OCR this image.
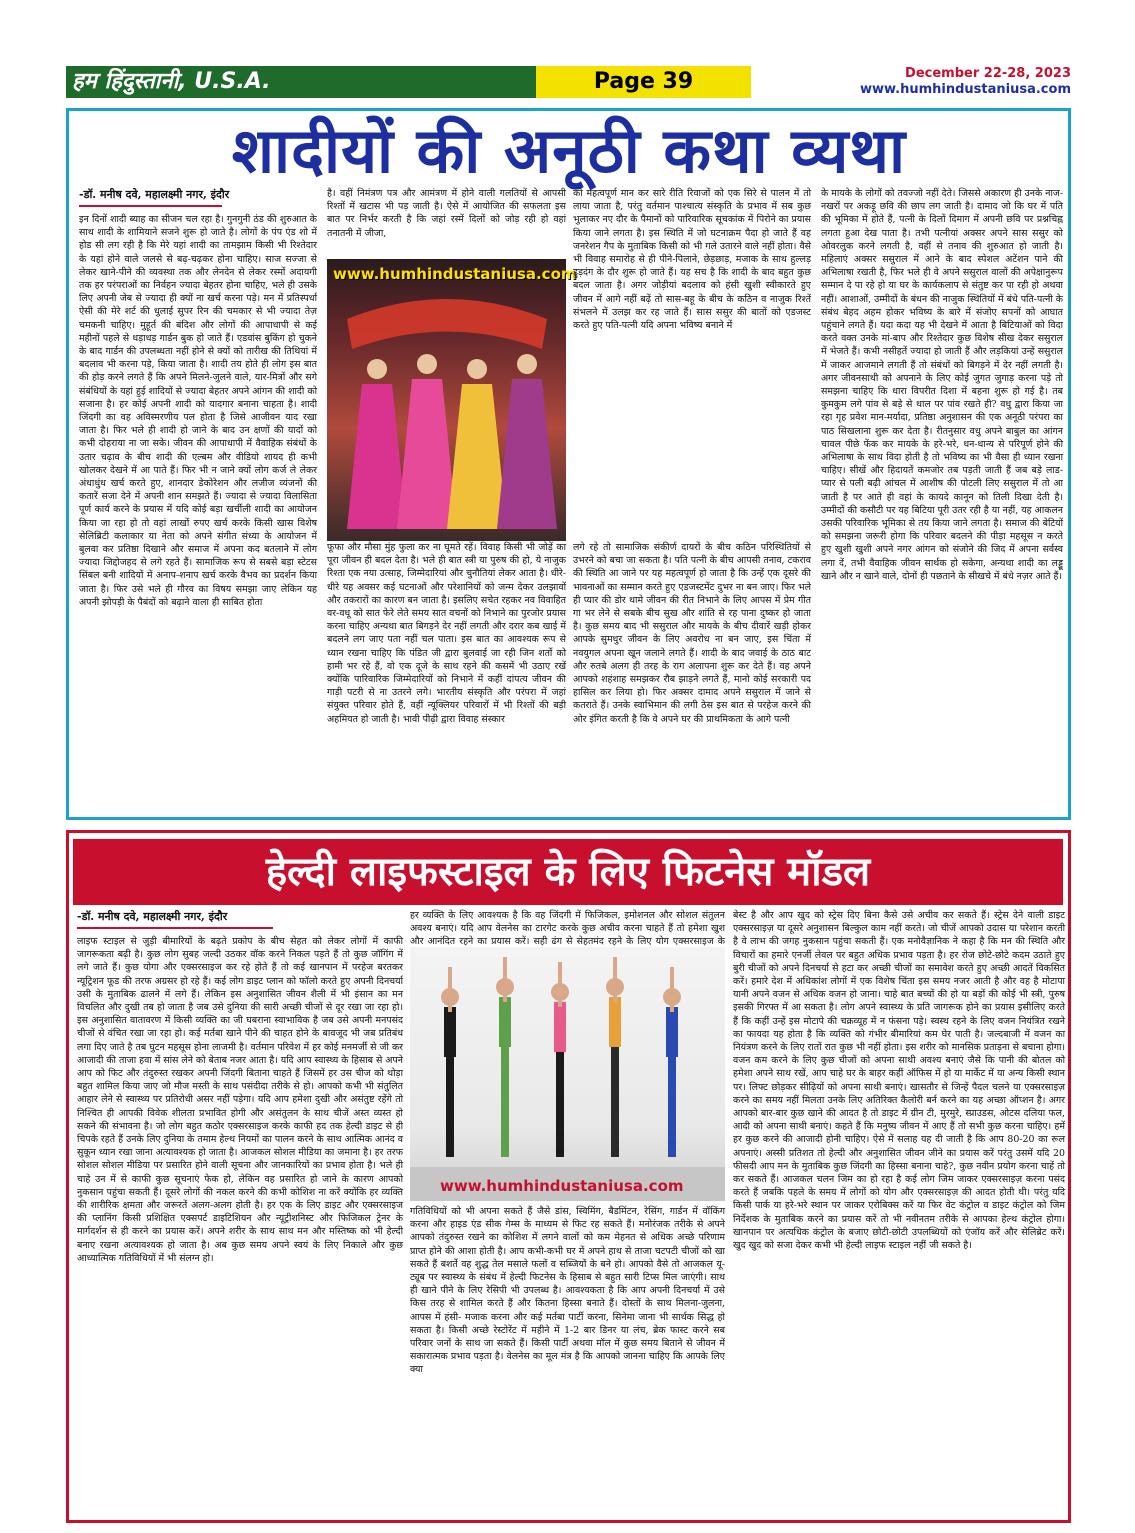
हम हिंदुस्तानी, U.S.A.	Page 39	December 22-28, 2023
www.humhindustaniusa.com
शादीयों की अनूठी कथा व्यथा
-डॉ. मनीष दवे, महालक्ष्मी नगर, इंदौर
इन दिनों शादी ब्याह का सीजन चल रहा है। गुनगुनी ठंड की शुरुआत के साथ शादी के शामियाने सजने शुरू हो जाते है। लोगों के पंप एंड शो में होड सी लग रही है कि मेरे यहां शादी का तामझाम किसी भी रिश्तेदार के यहां होने वाले जलसे से बढ़-चढ़कर होना चाहिए। साज सज्जा से लेकर खाने-पीने की व्यवस्था तक और लेनदेन से लेकर रस्मों अदायगी तक हर परंपराओं का निर्वहन ज्यादा बेहतर होना चाहिए, भले ही उसके लिए अपनी जेब से ज्यादा ही क्यों ना खर्च करना पड़े। मन में प्रतिस्पर्धा ऐसी की मेरे शर्ट की धुलाई सुपर रिन की चमकार से भी ज्यादा तेज़ चमकनी चाहिए। मुहूर्त की बंदिश और लोगों की आपाधापी से कई महीनों पहले से धड़ाधड़ गार्डन बुक हो जाते हैं। एडवांस बुकिंग हो चुकने के बाद गार्डन की उपलब्धता नहीं होने से क्यों को तारीख की तिथियां में बदलाव भी करना पड़े, किया जाता है। शादी तय होते ही लोग इस बात की होड़ करने लगते हैं कि अपने मिलने-जुलने वाले, यार-मित्रों और सगे संबंधियों के यहां हुई शादियों से ज्यादा बेहतर अपने आंगन की शादी को सजाना है। हर कोई अपनी शादी को यादगार बनाना चाहता है। शादी जिंदगी का वह अविस्मरणीय पल होता है जिसे आजीवन याद रखा जाता है। फिर भले ही शादी हो जाने के बाद उन क्षणों की यादों को कभी दोहराया ना जा सके। जीवन की आपाधापी में वैवाहिक संबंधों के उतार चढ़ाव के बीच शादी की एल्बम और वीडियो शायद ही कभी खोलकर देखने में आ पाते हैं। फिर भी न जाने क्यों लोग कर्ज ले लेकर अंधाधुंध खर्च करते हुए, शानदार डेकोरेशन और लजीज व्यंजनों की कतारें सजा देने में अपनी शान समझते हैं। ज्यादा से ज्यादा विलासिता पूर्ण कार्य करने के प्रयास में यदि कोई बड़ा खर्चीली शादी का आयोजन किया जा रहा हो तो वहां लाखों रुपए खर्च करके किसी खास विशेष सेलिब्रिटी कलाकार या नेता को अपने संगीत संध्या के आयोजन में बुलवा कर प्रतिष्ठा दिखाने और समाज में अपना कद बतलाने में लोग ज्यादा जिद्दोजहद से लगे रहते हैं। सामाजिक रूप से सबसे बड़ा स्टेटस सिंबल बनी शादियों में अनाप-शनाप खर्च करके वैभव का प्रदर्शन किया जाता है। फिर उसे भले ही गौरव का विषय समझा जाए लेकिन यह अपनी झोपड़ी के पैबंदों को बढ़ाने वाला ही साबित होता
है। वहीं निमंत्रण पत्र और आमंत्रण में होने वाली गलतियों से आपसी रिश्तों में खटास भी पड़ जाती है। ऐसे में आयोजित की सफलता इस बात पर निर्भर करती है कि जहां रस्में दिलों को जोड़ रही हो वहां तनातनी में जीजा,
www.humhindustaniusa.com
फूफा और मौसा मुंह फुला कर ना घूमते रहें। विवाह किसी भी जोड़ें का पूरा जीवन ही बदल देता है। भले ही बात स्त्री या पुरुष की हो, ये नाजुक रिश्ता एक नया उत्साह, जिम्मेदारियां और चुनौतियां लेकर आता है। धीरे-धीरे यह अवसर कई घटनाओं और परेशानियों को जन्म देकर उलझावों और तकरारों का कारण बन जाता है। इसलिए सचेत रहकर नव विवाहित वर-वधू को सात फेरे लेते समय सात वचनों को निभाने का पुरजोर प्रयास करना चाहिए अन्यथा बात बिगड़ने देर नहीं लगती और दरार कब खाई में बदलने लग जाए पता नहीं चल पाता। इस बात का आवश्यक रूप से ध्यान रखना चाहिए कि पंडित जी द्वारा बुलवाई जा रही जिन शर्तो को हामी भर रहे हैं, वो एक दूजे के साथ रहने की कसमें भी उठाए रखें क्योंकि पारिवारिक जिम्मेदारियों को निभाने में कहीं दांपत्य जीवन की गाड़ी पटरी से ना उतरने लगे। भारतीय संस्कृति और परंपरा में जहां संयुक्त परिवार होते हैं, वहीं न्यूक्लियर परिवारों में भी रिश्तों की बड़ी अहमियत हो जाती है। भावी पीढ़ी द्वारा विवाह संस्कार
को महत्वपूर्ण मान कर सारे रीति रिवाजों को एक सिरे से पालन में तो लाया जाता है, परंतु वर्तमान पाश्चात्य संस्कृति के प्रभाव में सब कुछ भुलाकर नए दौर के पैमानों को पारिवारिक सूचकांक में पिरोने का प्रयास किया जाने लगता है। इस स्थिति में जो घटनाक्रम पैदा हो जाते हैं वह जनरेशन गैप के मुताबिक किसी को भी गले उतारने वाले नहीं होता। वैसे भी विवाह समारोह से ही पीने-पिलाने, छेड़छाड़, मजाक के साथ हुल्लड़ हुड़दंग के दौर शुरू हो जाते हैं। यह सच है कि शादी के बाद बहुत कुछ बदल जाता है। अगर जोड़ीयां बदलाव को हंसी खुशी स्वीकारते हुए जीवन में आगे नहीं बढ़ें तो सास-बहू के बीच के कठिन व नाजुक रिश्तें संभलने में उलझ कर रह जाते हैं। सास ससुर की बातों को एडजस्ट करते हुए पति-पत्नी यदि अपना भविष्य बनाने में
लगे रहे तो सामाजिक संकीर्ण दायरों के बीच कठिन परिस्थितियों से उभरने को बचा जा सकता है। पति पत्नी के बीच आपसी तनाव, टकराव की स्थिति आ जाने पर यह महत्वपूर्ण हो जाता है कि उन्हें एक दूसरे की भावनाओं का सम्मान करते हुए एडजस्टमेंट दुभर ना बन जाए। फिर भले ही प्यार की डोर थामे जीवन की रीत निभाने के लिए आपस में प्रेम गीत गा भर लेने से सबके बीच सुख और शांति से रह पाना दुष्कर हो जाता है। कुछ समय बाद भी ससुराल और मायके के बीच दीवारें खड़ी होकर आपके सुमधुर जीवन के लिए अवरोध ना बन जाए, इस चिंता में नवयुगल अपना खून जलाने लगते हैं। शादी के बाद जवाई के ठाठ बाट और रुतबे अलग ही तरह के राग अलापना शुरू कर देते हैं। वह अपने आपको शहंशाह समझकर रौब झाड़ने लगते हैं, मानो कोई सरकारी पद हासिल कर लिया हो। फिर अक्सर दामाद अपने ससुराल में जाने से कतराते हैं। उनके स्वाभिमान की लगी ठेस इस बात से परहेज करने की ओर इंगित करती है कि वे अपने घर की प्राथमिकता के आगे पत्नी
के मायके के लोगों को तवज्जो नहीं देते। जिससे अकारण ही उनके नाज-नखरों पर अकड़ू छवि की छाप लग जाती है। दामाद जो कि घर में पति की भूमिका में होते हैं, पत्नी के दिलों दिमाग में अपनी छवि पर प्रश्नचिह्न लगता हुआ देख पाता है। तभी पत्नीयां अक्सर अपने सास ससुर को ओवरलुक करने लगती है, वहीं से तनाव की शुरुआत हो जाती है। महिलाएं अक्सर ससुराल में आने के बाद स्पेशल अटेंशन पाने की अभिलाषा रखती है, फिर भले ही वे अपने ससुराल वालों की अपेक्षानुरूप सम्मान दे पा रहे हो या घर के कार्यकलाप से संतुष्ट कर पा रही हो अथवा नहीं। आशाओं, उम्मीदों के बंधन की नाजुक स्थितियों में बंधे पति-पत्नी के संबंध बेहद अहम होकर भविष्य के बारे में संजोए सपनों को आघात पहुंचाने लगते हैं। यदा कदा यह भी देखने में आता है बिटियाओं को विदा करते वक्त उनके मां-बाप और रिश्तेदार कुछ विशेष सीख देकर ससुराल में भेजते हैं। कभी नसीहतें ज्यादा हो जाती हैं और लड़कियां उन्हें ससुराल में जाकर आजमाने लगती हैं तो संबंधों को बिगड़ने में देर नहीं लगती है। अगर जीवनसाथी को अपनाने के लिए कोई जुगत जुगाड़ करना पड़े तो समझना चाहिए कि धारा विपरीत दिशा में बहना शुरू हो गई है। तब कुमकुम लगे पांव से बड़े से थाल पर पांव रखते ही? वधु द्वारा किया जा रहा गृह प्रवेश मान-मर्यादा, प्रतिष्ठा अनुशासन की एक अनूठी परंपरा का पाठ सिखलाना शुरू कर देता है। रीतनुसार वधु अपने बाबुल का आंगन चावल पीछे फेंक कर मायके के हरे-भरे, धन-धान्य से परिपूर्ण होने की अभिलाषा के साथ विदा होती है तो भविष्य का भी वैसा ही ध्यान रखना चाहिए। सीखें और हिदायतें कमजोर तब पड़ती जाती हैं जब बड़े लाड-प्यार से पली बढ़ी आंचल में आशीष की पोटली लिए ससुराल में तो आ जाती है पर आते ही वहां के कायदे कानून को तिली दिखा देती है। उम्मीदों की कसौटी पर यह बिटिया पूरी उतर रही है या नहीं, यह आकलन उसकी परिवारिक भूमिका से तय किया जाने लगता है। समाज की बेटियों को समझना जरूरी होगा कि परिवार बदलने की पीड़ा महसूस न करते हुए खुशी खुशी अपने नगर आंगन को संजोने की जिद में अपना सर्वस्व लगा दें, तभी वैवाहिक जीवन सार्थक हो सकेगा, अन्यथा शादी का लड्डू खाने और न खाने वाले, दोनों ही पछताने के सीखचे में बंधे नज़र आते हैं।
हेल्दी लाइफस्टाइल के लिए फिटनेस मॉडल
-डॉ. मनीष दवे, महालक्ष्मी नगर, इंदौर
लाइफ स्टाइल से जुड़ी बीमारियों के बढ़ते प्रकोप के बीच सेहत को लेकर लोगों में काफी जागरूकता बढ़ी है। कुछ लोग सुबह जल्दी उठकर वॉक करने निकल पड़ते हैं तो कुछ जॉगिंग में लगे जाते हैं। कुछ योगा और एक्सरसाइज कर रहे होते हैं तो कई खानपान में परहेज बरतकर न्यूट्रिशन फूड की तरफ अग्रसर हो रहे हैं। कई लोग डाइट प्लान को फॉलो करते हुए अपनी दिनचर्या उसी के मुताबिक ढालने में लगे हैं। लेकिन इस अनुशासित जीवन शैली में भी इंसान का मन विचलित और दुखी तब हो जाता है जब उसे दुनिया की सारी अच्छी चीजों से दूर रखा जा रहा हो। इस अनुशासित वातावरण में किसी व्यक्ति का जी घबराना स्वाभाविक है जब उसे अपनी मनपसंद चीजों से वंचित रखा जा रहा हो। कई मर्तबा खाने पीने की चाहत होने के बावजूद भी जब प्रतिबंध लगा दिए जाते है तब घुटन महसूस होना लाजमी है। वर्तमान परिवेश में हर कोई मनमर्जी से जी कर आजादी की ताजा हवा में सांस लेने को बेताब नजर आता है। यदि आप स्वास्थ्य के हिसाब से अपने आप को फिट और तंदुरुस्त रखकर अपनी जिंदगी बिताना चाहते हैं जिसमें हर उस चीज को थोड़ा बहुत शामिल किया जाए जो मौज मस्ती के साथ पसंदीदा तरीके से हो। आपको कभी भी संतुलित आहार लेने से स्वास्थ्य पर प्रतिरोधी असर नहीं पड़ेगा। यदि आप हमेशा दुखी और असंतुष्ट रहेंगे तो निश्चित ही आपकी विवेक शीलता प्रभावित होगी और असंतुलन के साथ चीजें अस्त व्यस्त हो सकने की संभावना है। जो लोग बहुत कठोर एक्सरसाइज करके काफी हद तक हेल्दी डाइट से ही चिपके रहते हैं उनके लिए दुनिया के तमाम हेल्थ नियमों का पालन करने के साथ आत्मिक आनंद व सुकून ध्यान रखा जाना अत्यावश्यक हो जाता है। आजकल सोशल मीडिया का जमाना है। हर तरफ सोशल सोशल मीडिया पर प्रसारित होने वाली सूचना और जानकारियों का प्रभाव होता है। भले ही चाहे उन में से काफी कुछ सूचनाएं फेक हो, लेकिन वह प्रसारित हो जाने के कारण आपको नुकसान पहुंचा सकती हैं। दूसरे लोगों की नकल करने की कभी कोशिश ना करें क्योंकि हर व्यक्ति की शारीरिक क्षमता और जरूरतें अलग-अलग होती है। हर एक के लिए डाइट और एक्सरसाइज की प्लानिंग किसी प्रशिक्षित एक्सपर्ट डाइटिशियन और न्यूट्रीशनिस्ट और फिजिकल ट्रेनर के मार्गदर्शन से ही करने का प्रयास करें। अपने शरीर के साथ साथ मन और मस्तिष्क को भी हेल्दी बनाए रखना अत्यावश्यक हो जाता है। अब कुछ समय अपने स्वयं के लिए निकाले और कुछ आध्यात्मिक गतिविधियों में भी संलग्न हो।
हर व्यक्ति के लिए आवश्यक है कि वह जिंदगी में फिजिकल, इमोशनल और सोशल संतुलन अवश्य बनाएं। यदि आप वेलनेस का टारगेट करके कुछ अचीव करना चाहते हैं तो हमेशा खुश और आनंदित रहने का प्रयास करें। सही ढंग से सेहतमंद रहने के लिए योग एक्सरसाइज के
www.humhindustaniusa.com
गतिविधियों को भी अपना सकते हैं जैसे डांस, स्विमिंग, बैडमिंटन, रेसिंग, गार्डन में वॉकिंग करना और हाइड एंड सीक गेम्स के माध्यम से फिट रह सकते हैं। मनोरंजक तरीके से अपने आपको तंदुरुस्त रखने का कोशिश में लगने वालों को कम मेहनत से अधिक अच्छे परिणाम प्राप्त होने की आशा होती है। आप कभी-कभी घर में अपने हाथ से ताजा चटपटी चीजों को खा सकते हैं बशर्ते वह शुद्ध तेल मसाले फलों व सब्जियों के बने हो। आपको वैसे तो आजकल यू-ट्यूब पर स्वास्थ्य के संबंध में हेल्दी फिटनेस के हिसाब से बहुत सारी टिप्स मिल जाएंगी। साथ ही खाने पीने के लिए रेसिपी भी उपलब्ध है। आवश्यकता है कि आप अपनी दिनचर्या में उसे किस तरह से शामिल करते हैं और कितना हिस्सा बनाते हैं। दोस्तों के साथ मिलना-जुलना, आपस में हंसी- मजाक करना और कई मर्तबा पार्टी करना, सिनेमा जाना भी सार्थक सिद्ध हो सकता है। किसी अच्छे रेस्टोरेंट में महीने में 1-2 बार डिनर या लंच, ब्रेक फास्ट करने सब परिवार जनों के साथ जा सकते हैं। किसी पार्टी अथवा मॉल में कुछ समय बिताने से जीवन में सकारात्मक प्रभाव पड़ता है। वेलनेस का मूल मंत्र है कि आपको जानना चाहिए कि आपके लिए क्या
बेस्ट है और आप खुद को स्ट्रेस दिए बिना कैसे उसे अचीव कर सकते हैं। स्ट्रेस देने वाली डाइट एक्सरसाइज़ या दूसरे अनुशासन बिल्कुल काम नहीं करते। जो चीजें आपको उदास या परेशान करती है वे लाभ की जगह नुकसान पहुंचा सकती हैं। एक मनोवैज्ञानिक ने कहा है कि मन की स्थिति और विचारों का हमारे एनर्जी लेवल पर बहुत अधिक प्रभाव पड़ता है। हर रोज छोटे-छोटे कदम उठाते हुए बुरी चीजों को अपने दिनचर्या से हटा कर अच्छी चीजों का समावेश करते हुए अच्छी आदतें विकसित करें। हमारे देश में अधिकांश लोगों में एक विशेष चिंता इस समय नजर आती है और वह है मोटापा यानी अपने वजन से अधिक वजन हो जाना। चाहे बात बच्चों की हो या बड़ों की कोई भी स्त्री, पुरुष इसकी गिरफ्त में आ सकता है। लोग अपने स्वास्थ्य के प्रति जागरूक होने का प्रयास इसीलिए करते हैं कि कहीं उन्हें इस मोटापे की चक्रव्यूह में न फंसना पड़े। स्वस्थ रहने के लिए वजन नियंत्रित रखने का फायदा यह होता है कि व्यक्ति को गंभीर बीमारियां कम घेर पाती है। जल्दबाजी में वजन का नियंत्रण करने के लिए रातों रात कुछ भी नहीं होता। इस शरीर को मानसिक प्रताड़ना से बचाना होगा। वजन कम करने के लिए कुछ चीजों को अपना साथी अवश्य बनाएं जैसे कि पानी की बोतल को हमेशा अपने साथ रखें, आप चाहे घर के बाहर कहीं ऑफिस में हो या मार्केट में या अन्य किसी स्थान पर। लिफ्ट छोड़कर सीढ़ियों को अपना साथी बनाएं। खासतौर से जिन्हें पैदल चलने या एक्सरसाइज़ करने का समय नहीं मिलता उनके लिए अतिरिक्त कैलोरी बर्न करने का यह अच्छा ऑप्शन है। अगर आपको बार-बार कुछ खाने की आदत है तो डाइट में ग्रीन टी, मुरमुरे, स्प्राउडस, ओटस दलिया फल, आदी को अपना साथी बनाएं। कहते हैं कि मनुष्य जीवन में आए हैं तो सभी कुछ करना चाहिए। हमें हर कुछ करने की आजादी होनी चाहिए। ऐसे में सलाह यह दी जाती है कि आप 80-20 का रूल अपनाएं। अस्सी प्रतिशत तो हेल्दी और अनुशासित जीवन जीने का प्रयास करें परंतु उसमें यदि 20 फीसदी आप मन के मुताबिक कुछ जिंदगी का हिस्सा बनाना चाहे?, कुछ नवीन प्रयोग करना चाहें तो कर सकते हैं। आजकल चलन जिम का हो रहा है कई लोग जिम जाकर एक्सरसाइज़ करना पसंद करते हैं जबकि पहले के समय में लोगों को योग और एक्सरसाइज़ की आदत होती थी। परंतु यदि किसी पार्क या हरे-भरे स्थान पर जाकर एरोबिक्स करें या फिर वेट कंट्रोल व डाइट कंट्रोल को जिम निर्देशक के मुताबिक करने का प्रयास करें तो भी नवीनतम तरीके से आपका हेल्थ कंट्रोल होगा। खानपान पर अत्यधिक कंट्रोल के बजाए छोटी-छोटी उपलब्धियों को एंजॉय करें और सेलिब्रेट करें। खुद खुद को सजा देकर कभी भी हेल्दी लाइफ स्टाइल नहीं जी सकते है।
